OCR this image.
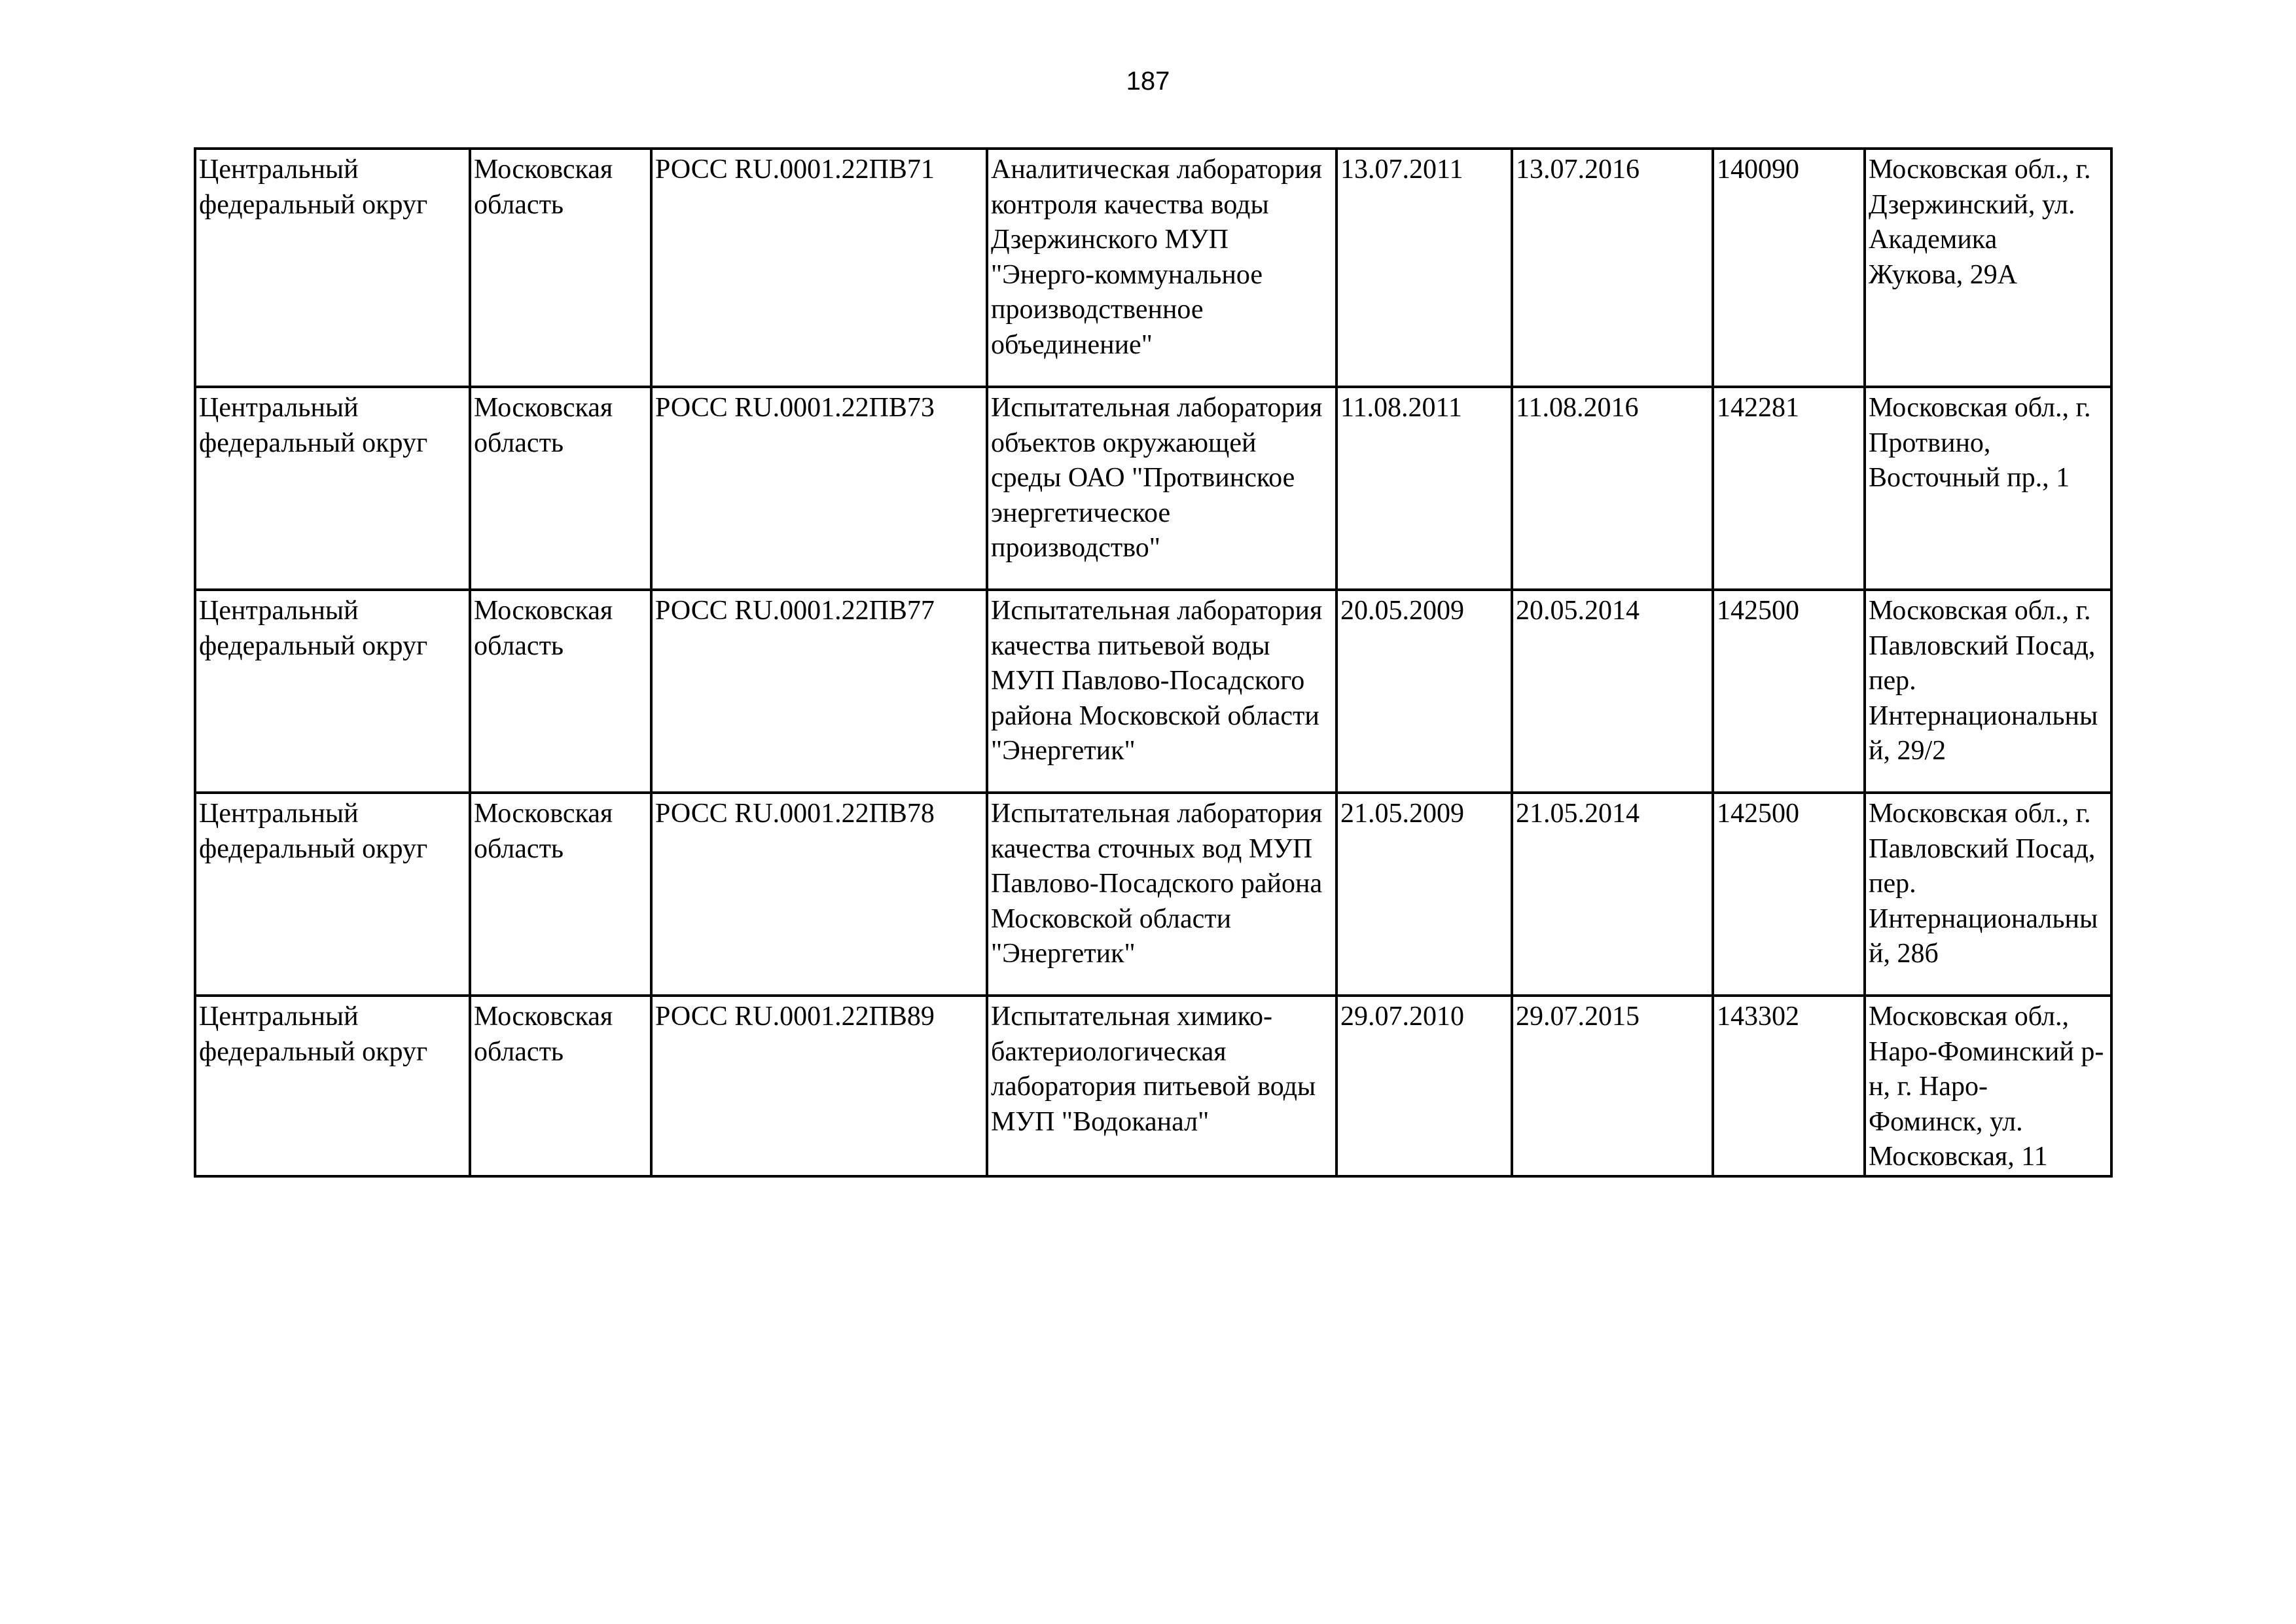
187
Центральный федеральный округ	Московская область	РОСС RU.0001.22ПВ71	Аналитическая лаборатория контроля качества воды Дзержинского МУП "Энерго-коммунальное производственное объединение"	13.07.2011	13.07.2016	140090	Московская обл., г.
Дзержинский, ул.
Академика
Жукова, 29А

Центральный федеральный округ	Московская область	РОСС RU.0001.22ПВ73	Испытательная лаборатория объектов окружающей среды ОАО "Протвинское энергетическое производство"	11.08.2011	11.08.2016	142281	Московская обл., г.
Протвино,
Восточный пр., 1

Центральный федеральный округ	Московская область	РОСС RU.0001.22ПВ77	Испытательная лаборатория качества питьевой воды МУП Павлово-Посадского района Московской области "Энергетик"	20.05.2009	20.05.2014	142500	Московская обл., г.
Павловский Посад,
пер.
Интернациональны
й, 29/2

Центральный федеральный округ	Московская область	РОСС RU.0001.22ПВ78	Испытательная лаборатория качества сточных вод МУП Павлово-Посадского района Московской области "Энергетик"	21.05.2009	21.05.2014	142500	Московская обл., г.
Павловский Посад,
пер.
Интернациональны
й, 28б

Центральный федеральный округ	Московская область	РОСС RU.0001.22ПВ89	Испытательная химико-бактериологическая лаборатория питьевой воды МУП "Водоканал"	29.07.2010	29.07.2015	143302	Московская обл.,
Наро-Фоминский р-
н, г. Наро-
Фоминск, ул.
Московская, 11
